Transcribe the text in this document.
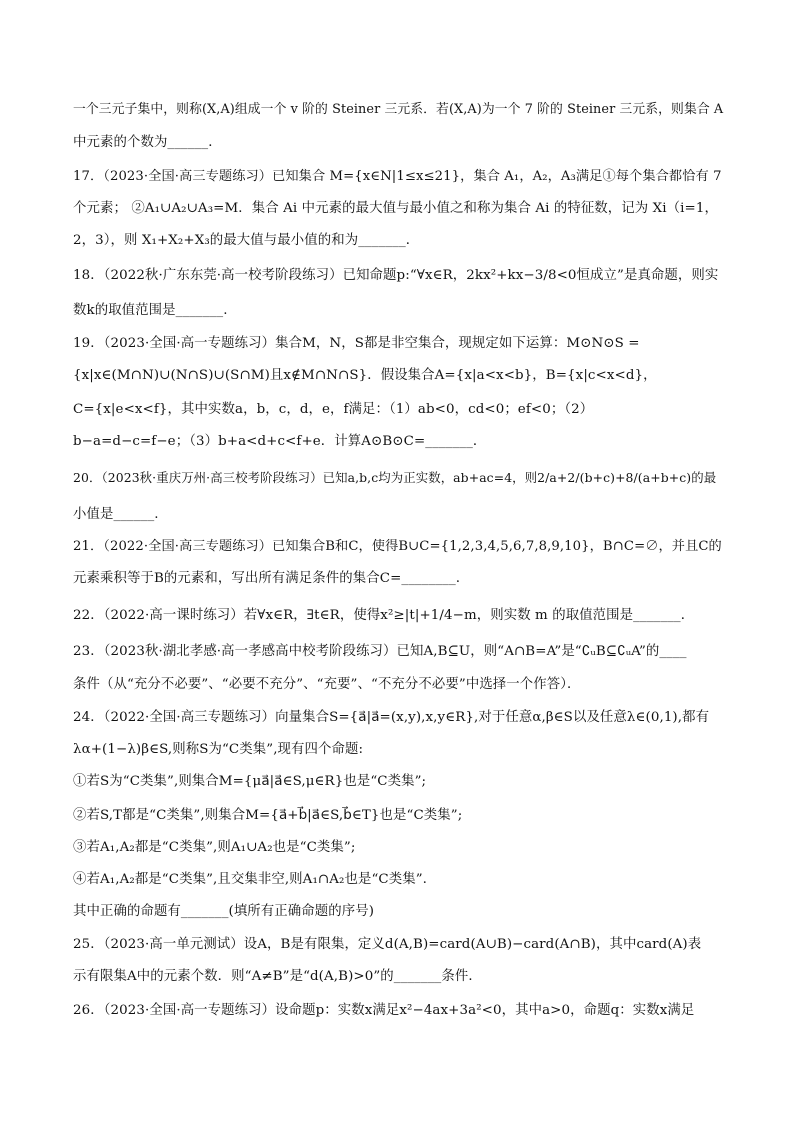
一个三元子集中，则称(X,A)组成一个 v 阶的 Steiner 三元系．若(X,A)为一个 7 阶的 Steiner 三元系，则集合 A
中元素的个数为______．
17．（2023·全国·高三专题练习）已知集合 M={x∈N|1≤x≤21}，集合 A₁，A₂，A₃满足①每个集合都恰有 7
个元素； ②A₁∪A₂∪A₃=M．集合 Ai 中元素的最大值与最小值之和称为集合 Ai 的特征数，记为 Xi（i=1，
2，3），则 X₁+X₂+X₃的最大值与最小值的和为_______．
18．（2022秋·广东东莞·高一校考阶段练习）已知命题p:“∀x∈R，2kx²+kx−3/8<0恒成立”是真命题，则实
数k的取值范围是_______.
19．（2023·全国·高一专题练习）集合M，N，S都是非空集合，现规定如下运算：M⊙N⊙S =
{x|x∈(M∩N)∪(N∩S)∪(S∩M)且x∉M∩N∩S}．假设集合A={x|a<x<b}，B={x|c<x<d}，
C={x|e<x<f}，其中实数a，b，c，d，e，f满足：（1）ab<0，cd<0；ef<0；（2）
b−a=d−c=f−e；（3）b+a<d+c<f+e．计算A⊙B⊙C=_______．
20．（2023秋·重庆万州·高三校考阶段练习）已知a,b,c均为正实数，ab+ac=4，则2/a+2/(b+c)+8/(a+b+c)的最
小值是______.
21．（2022·全国·高三专题练习）已知集合B和C，使得B∪C={1,2,3,4,5,6,7,8,9,10}，B∩C=∅，并且C的
元素乘积等于B的元素和，写出所有满足条件的集合C=________.
22．（2022·高一课时练习）若∀x∈R，∃t∈R，使得x²≥|t|+1/4−m，则实数 m 的取值范围是_______．
23．（2023秋·湖北孝感·高一孝感高中校考阶段练习）已知A,B⊆U，则“A∩B=A”是“∁ᵤB⊆∁ᵤA”的____
条件（从“充分不必要”、“必要不充分”、“充要”、“不充分不必要”中选择一个作答）．
24．（2022·全国·高三专题练习）向量集合S={a⃗|a⃗=(x,y),x,y∈R},对于任意α,β∈S以及任意λ∈(0,1),都有
λα+(1−λ)β∈S,则称S为“C类集”,现有四个命题:
①若S为“C类集”,则集合M={μa⃗|a⃗∈S,μ∈R}也是“C类集”;
②若S,T都是“C类集”,则集合M={a⃗+b⃗|a⃗∈S,b⃗∈T}也是“C类集”;
③若A₁,A₂都是“C类集”,则A₁∪A₂也是“C类集”;
④若A₁,A₂都是“C类集”,且交集非空,则A₁∩A₂也是“C类集”.
其中正确的命题有_______(填所有正确命题的序号)
25．（2023·高一单元测试）设A，B是有限集，定义d(A,B)=card(A∪B)−card(A∩B)，其中card(A)表
示有限集A中的元素个数．则“A≠B”是“d(A,B)>0”的_______条件．
26．（2023·全国·高一专题练习）设命题p：实数x满足x²−4ax+3a²<0，其中a>0，命题q：实数x满足
